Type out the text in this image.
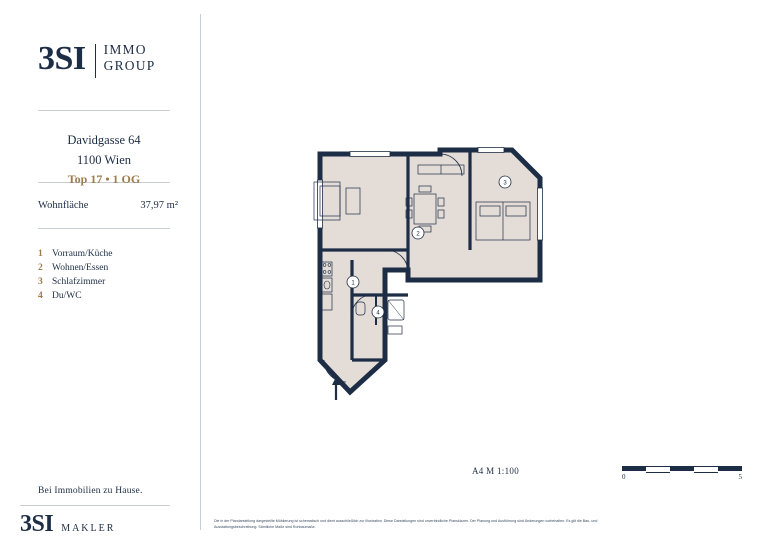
3SI IMMO
GROUP
Davidgasse 64
1100 Wien
Top 17 • 1 OG
Wohnfläche	37,97 m²
1 Vorraum/Küche
2 Wohnen/Essen
3 Schlafzimmer
4 Du/WC
Bei Immobilien zu Hause.
3SI MAKLER
1
2
3
4
A4 M 1:100
0	5
Die in der Plandarstellung dargestellte Möblierung ist schematisch und dient ausschließlich zur Illustration. Diese Darstellungen sind unverbindliche Planskizzen. Der Planung und Ausführung sind Änderungen vorbehalten. Es gilt die Bau- und Ausstattungsbeschreibung. Sämtliche Maße sind Rohbaumaße.
